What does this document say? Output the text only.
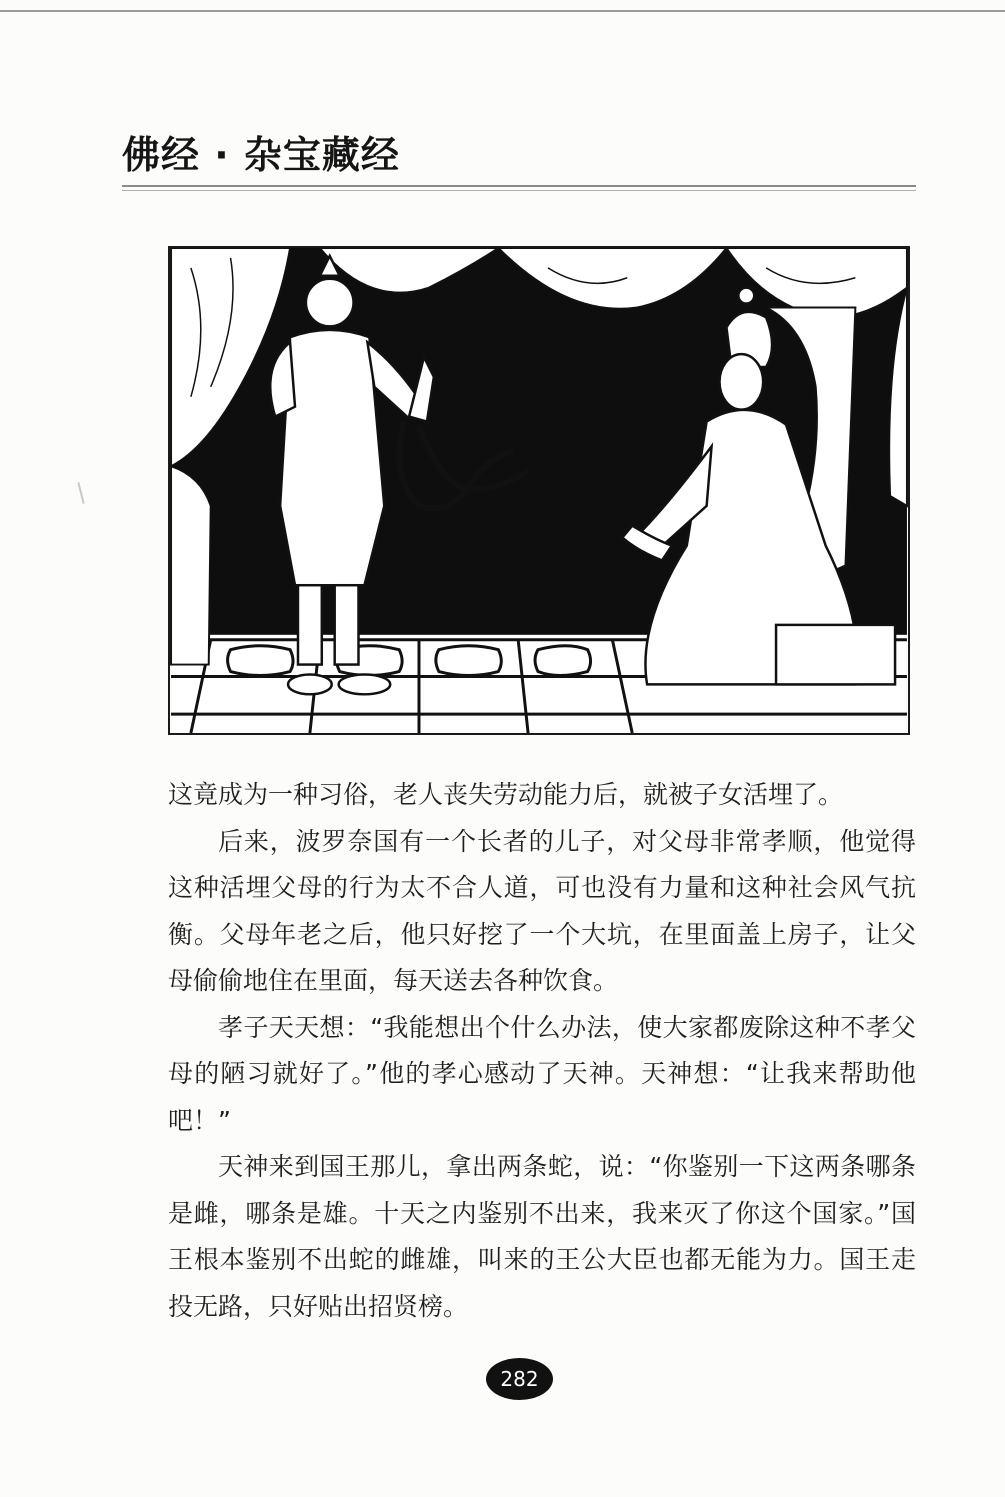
佛经 · 杂宝藏经

这竟成为一种习俗，老人丧失劳动能力后，就被子女活埋了。

后来，波罗奈国有一个长者的儿子，对父母非常孝顺，他觉得这种活埋父母的行为太不合人道，可也没有力量和这种社会风气抗衡。父母年老之后，他只好挖了一个大坑，在里面盖上房子，让父母偷偷地住在里面，每天送去各种饮食。

孝子天天想：“我能想出个什么办法，使大家都废除这种不孝父母的陋习就好了。”他的孝心感动了天神。天神想：“让我来帮助他吧！”

天神来到国王那儿，拿出两条蛇，说：“你鉴别一下这两条哪条是雌，哪条是雄。十天之内鉴别不出来，我来灭了你这个国家。”国王根本鉴别不出蛇的雌雄，叫来的王公大臣也都无能为力。国王走投无路，只好贴出招贤榜。

282
